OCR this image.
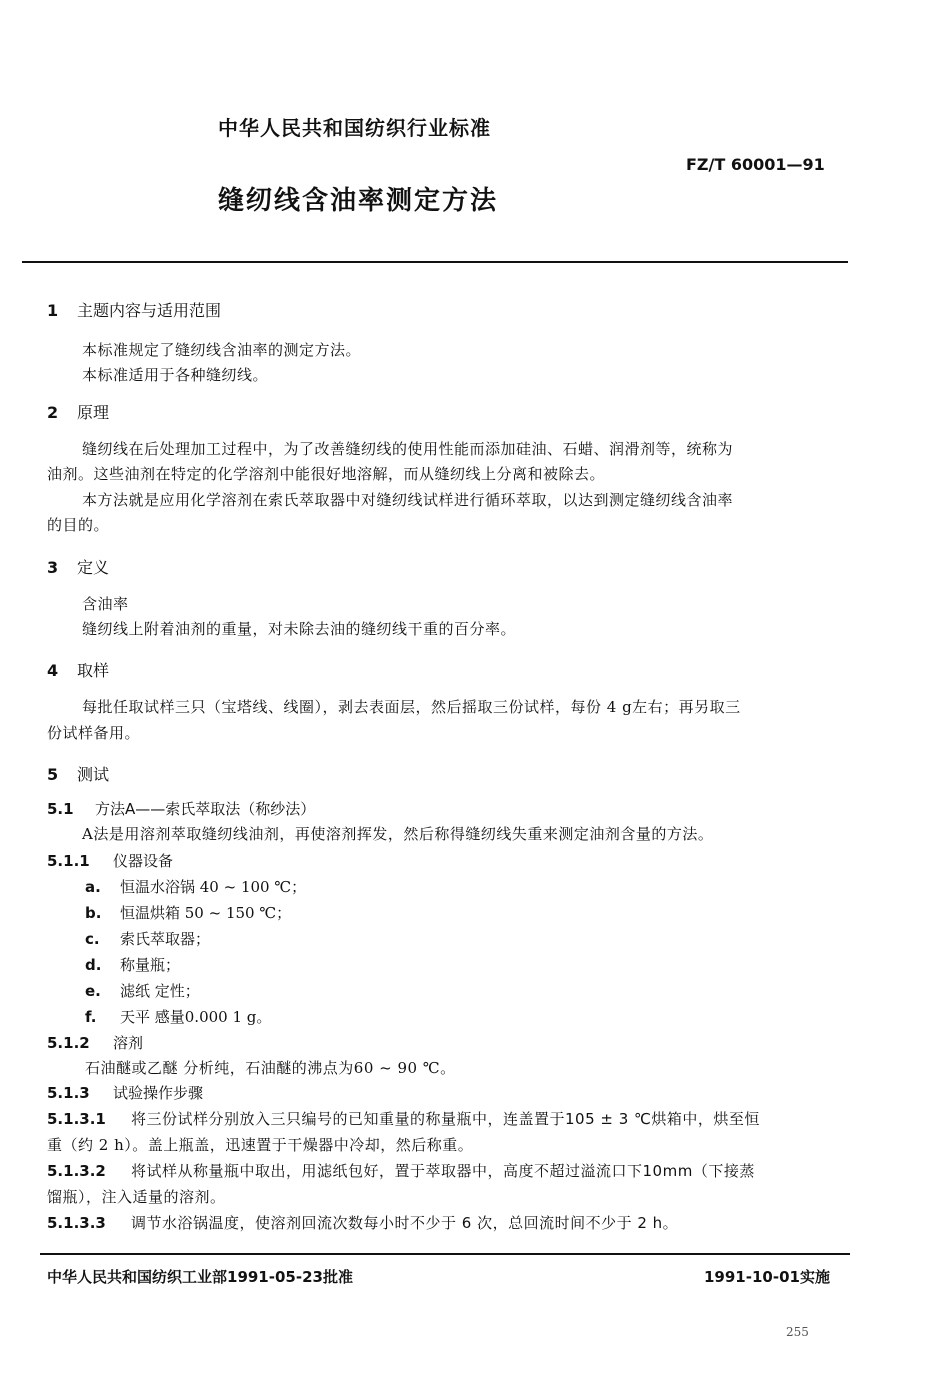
中华人民共和国纺织行业标准
FZ/T 60001—91
缝纫线含油率测定方法
1 主题内容与适用范围
本标准规定了缝纫线含油率的测定方法。
本标准适用于各种缝纫线。
2 原理
缝纫线在后处理加工过程中，为了改善缝纫线的使用性能而添加硅油、石蜡、润滑剂等，统称为
油剂。这些油剂在特定的化学溶剂中能很好地溶解，而从缝纫线上分离和被除去。
本方法就是应用化学溶剂在索氏萃取器中对缝纫线试样进行循环萃取，以达到测定缝纫线含油率
的目的。
3 定义
含油率
缝纫线上附着油剂的重量，对未除去油的缝纫线干重的百分率。
4 取样
每批任取试样三只（宝塔线、线圈），剥去表面层，然后摇取三份试样，每份 4 g左右；再另取三
份试样备用。
5 测试
5.1 方法A——索氏萃取法（称纱法）
A法是用溶剂萃取缝纫线油剂，再使溶剂挥发，然后称得缝纫线失重来测定油剂含量的方法。
5.1.1 仪器设备
a. 恒温水浴锅 40 ~ 100 ℃；
b. 恒温烘箱 50 ~ 150 ℃；
c. 索氏萃取器；
d. 称量瓶；
e. 滤纸 定性；
f. 天平 感量0.000 1 g。
5.1.2 溶剂
石油醚或乙醚 分析纯，石油醚的沸点为60 ~ 90 ℃。
5.1.3 试验操作步骤
5.1.3.1 将三份试样分别放入三只编号的已知重量的称量瓶中，连盖置于105 ± 3 ℃烘箱中，烘至恒
重（约 2 h）。盖上瓶盖，迅速置于干燥器中冷却，然后称重。
5.1.3.2 将试样从称量瓶中取出，用滤纸包好，置于萃取器中，高度不超过溢流口下10mm（下接蒸
馏瓶），注入适量的溶剂。
5.1.3.3 调节水浴锅温度，使溶剂回流次数每小时不少于 6 次，总回流时间不少于 2 h。
中华人民共和国纺织工业部1991-05-23批准	1991-10-01实施
255
